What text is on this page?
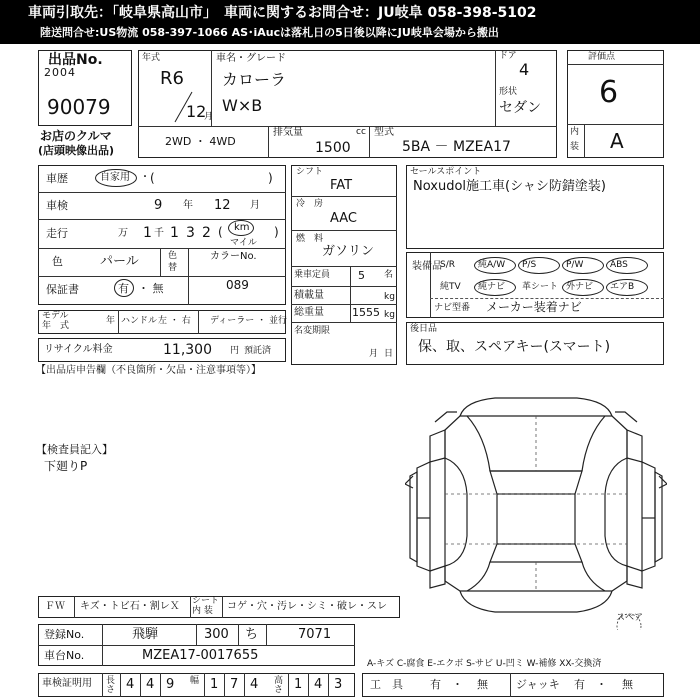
車両引取先：「岐阜県高山市」　車両に関するお問合せ：JU岐阜 058-398-5102
陸送問合せ:US物流 058-397-1066 AS･iAucは落札日の5日後以降にJU岐阜会場から搬出
出品No.
2004
90079
お店のクルマ
(店頭映像出品)
年式
R6
12
月
車名・グレード
カローラ
W×B
ドア
4
形状
セダン
2WD ・ 4WD
排気量	cc
1500
型式
5BA － MZEA17
評価点
6
内
装 A
車歴	自家用 ・ (	)
車検	9 年 12 月
走行	万 1 千 1 3 2 ( km
マイル
)
色	パール	色
替
カラーNo.
089
保証書	有 ・ 無
モデル
年　式	年 ハンドル 左 ・ 右 ディーラー ・ 並行
リサイクル料金	11,300 円 預託済
シフト
FAT
冷　房
AAC
燃　料
ガソリン
乗車定員	5 名
積載量	kg
総重量	1555 kg
名変期限
月 日
セールスポイント
Noxudol施工車(シャシ防錆塗装)
装備品
S/R	純A/W P/S	P/W	ABS
純TV 純ナビ 革シート 外ナビ エアB
ナビ型番 メーカー装着ナビ
後日品
保、取、スペアキー(スマート)
【出品店申告欄（不良箇所・欠品・注意事項等）】
【検査員記入】
下廻りP
スペア
ＦＷ キズ・トビ石・割レＸ シート
内 装 コゲ・穴・汚レ・シミ・破レ・スレ
登録No.	飛騨	300 ち	7071
車台No.	MZEA17-0017655
A-キズ C-腐食 E-エクボ S-サビ U-凹ミ W-補修 XX-交換済
車検証明用 長さ 4 4 9 幅 1 7 4 高さ 1 4 3	工　具 有 ・ 無	ジャッキ 有 ・ 無
